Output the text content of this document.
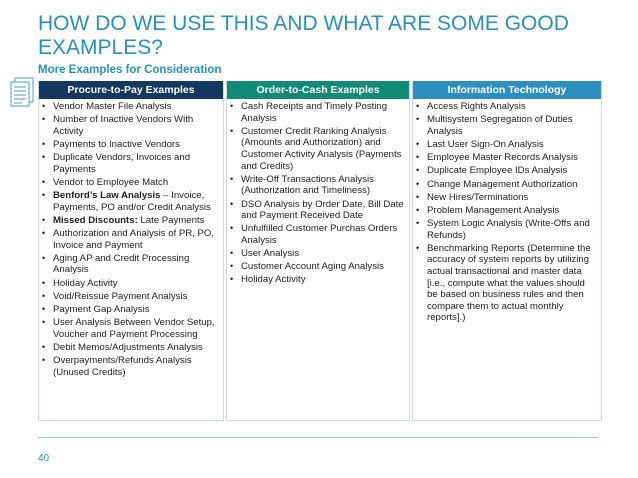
HOW DO WE USE THIS AND WHAT ARE SOME GOOD EXAMPLES?
More Examples for Consideration
Procure-to-Pay Examples
• Vendor Master File Analysis
• Number of Inactive Vendors With Activity
• Payments to Inactive Vendors
• Duplicate Vendors, Invoices and Payments
• Vendor to Employee Match
• Benford’s Law Analysis – Invoice, Payments, PO and/or Credit Analysis
• Missed Discounts: Late Payments
• Authorization and Analysis of PR, PO, Invoice and Payment
• Aging AP and Credit Processing Analysis
• Holiday Activity
• Void/Reissue Payment Analysis
• Payment Gap Analysis
• User Analysis Between Vendor Setup, Voucher and Payment Processing
• Debit Memos/Adjustments Analysis
• Overpayments/Refunds Analysis (Unused Credits)
Order-to-Cash Examples
• Cash Receipts and Timely Posting Analysis
• Customer Credit Ranking Analysis (Amounts and Authorization) and Customer Activity Analysis (Payments and Credits)
• Write-Off Transactions Analysis (Authorization and Timeliness)
• DSO Analysis by Order Date, Bill Date and Payment Received Date
• Unfulfilled Customer Purchas Orders Analysis
• User Analysis
• Customer Account Aging Analysis
• Holiday Activity
Information Technology
• Access Rights Analysis
• Multisystem Segregation of Duties Analysis
• Last User Sign-On Analysis
• Employee Master Records Analysis
• Duplicate Employee IDs Analysis
• Change Management Authorization
• New Hires/Terminations
• Problem Management Analysis
• System Logic Analysis (Write-Offs and Refunds)
• Benchmarking Reports (Determine the accuracy of system reports by utilizing actual transactional and master data [i.e., compute what the values should be based on business rules and then compare them to actual monthly reports].)
40
